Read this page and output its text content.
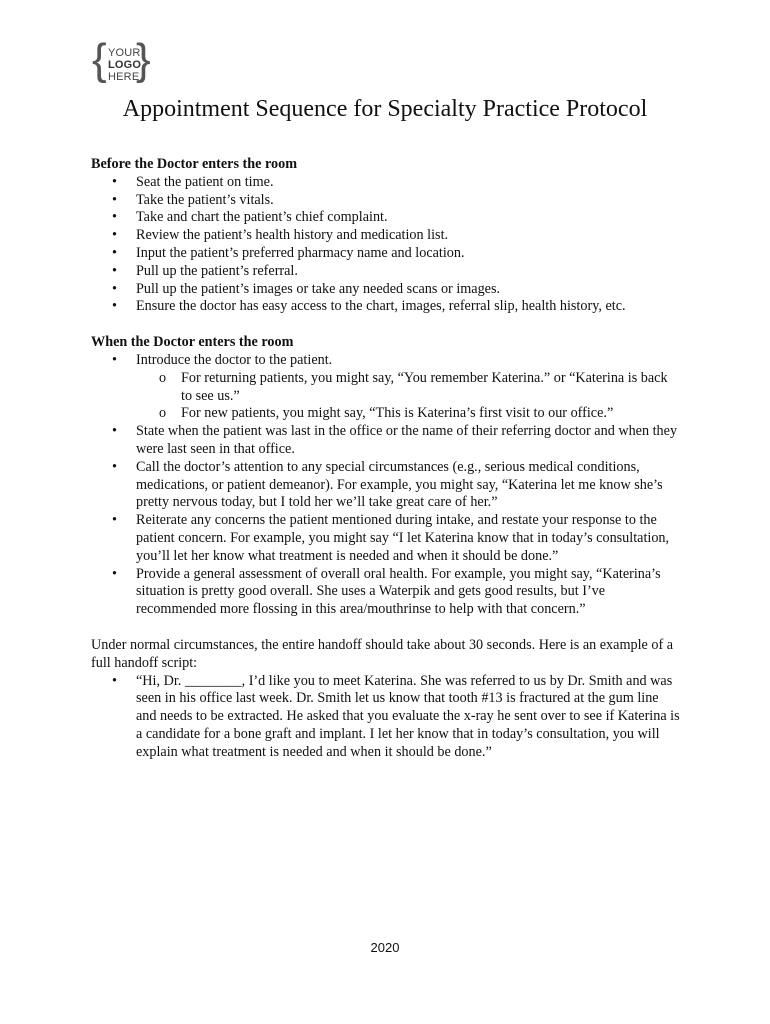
{ YOUR
LOGO
HERE
}
Appointment Sequence for Specialty Practice Protocol

Before the Doctor enters the room

• Seat the patient on time.
• Take the patient’s vitals.
• Take and chart the patient’s chief complaint.
• Review the patient’s health history and medication list.
• Input the patient’s preferred pharmacy name and location.
• Pull up the patient’s referral.
• Pull up the patient’s images or take any needed scans or images.
• Ensure the doctor has easy access to the chart, images, referral slip, health history, etc.

When the Doctor enters the room

• Introduce the doctor to the patient.
o For returning patients, you might say, “You remember Katerina.” or “Katerina is back to see us.”
o For new patients, you might say, “This is Katerina’s first visit to our office.”
• State when the patient was last in the office or the name of their referring doctor and when they were last seen in that office.
• Call the doctor’s attention to any special circumstances (e.g., serious medical conditions, medications, or patient demeanor). For example, you might say, “Katerina let me know she’s pretty nervous today, but I told her we’ll take great care of her.”
• Reiterate any concerns the patient mentioned during intake, and restate your response to the patient concern. For example, you might say “I let Katerina know that in today’s consultation, you’ll let her know what treatment is needed and when it should be done.”
• Provide a general assessment of overall oral health. For example, you might say, “Katerina’s situation is pretty good overall. She uses a Waterpik and gets good results, but I’ve recommended more flossing in this area/mouthrinse to help with that concern.”

Under normal circumstances, the entire handoff should take about 30 seconds. Here is an example of a full handoff script:

• “Hi, Dr. ________, I’d like you to meet Katerina. She was referred to us by Dr. Smith and was seen in his office last week. Dr. Smith let us know that tooth #13 is fractured at the gum line and needs to be extracted. He asked that you evaluate the x-ray he sent over to see if Katerina is a candidate for a bone graft and implant. I let her know that in today’s consultation, you will explain what treatment is needed and when it should be done.”
2020
